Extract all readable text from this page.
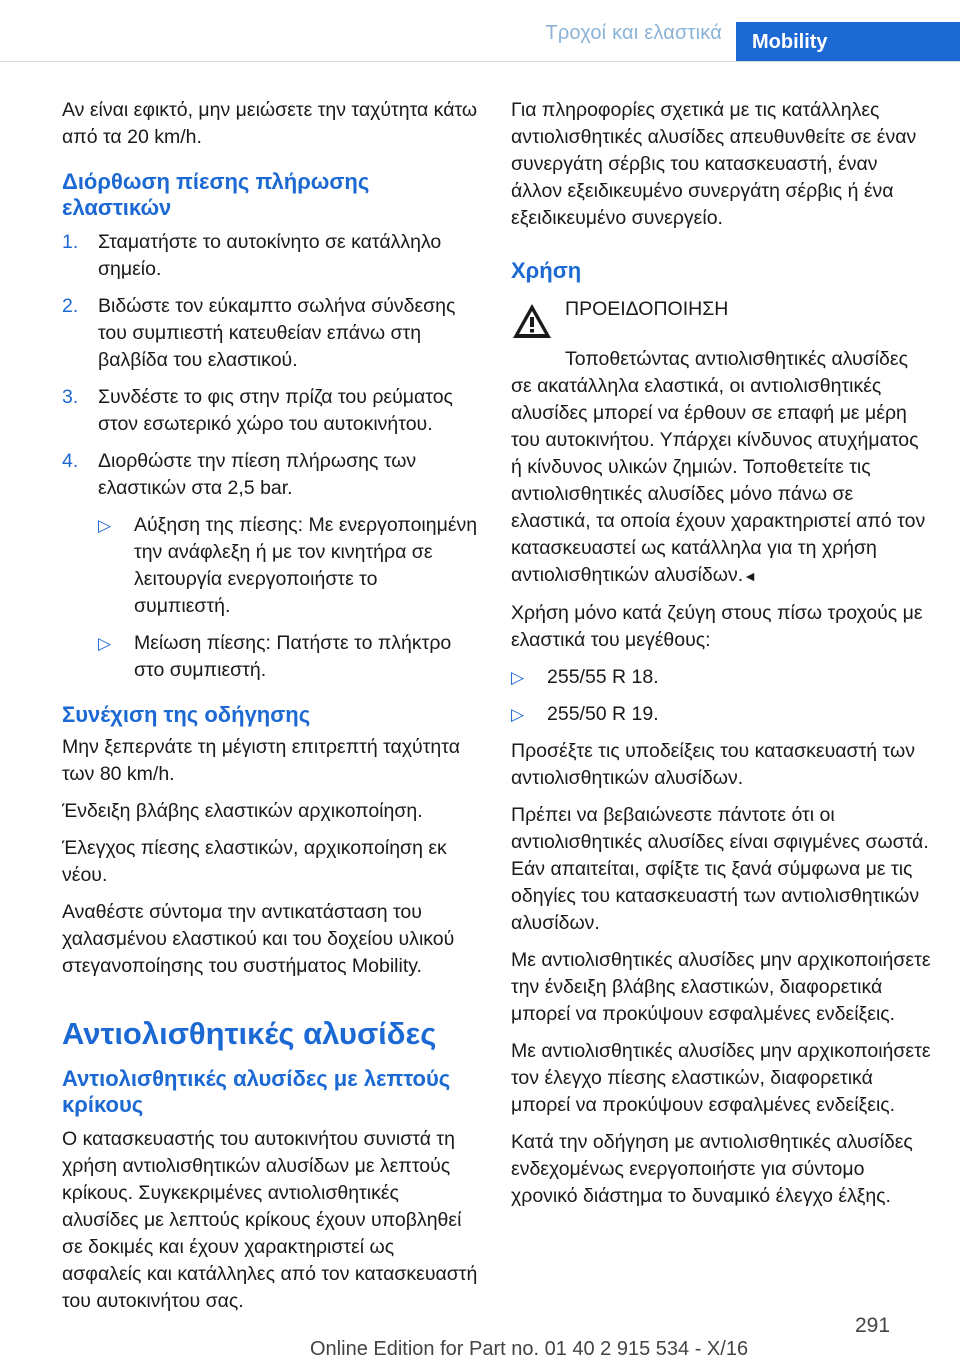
Τροχοί και ελαστικά	Mobility

Αν είναι εφικτό, μην μειώσετε την ταχύτητα κάτω από τα 20 km/h.

Διόρθωση πίεσης πλήρωσης ελαστικών
1. Σταματήστε το αυτοκίνητο σε κατάλληλο σημείο.
2. Βιδώστε τον εύκαμπτο σωλήνα σύνδεσης του συμπιεστή κατευθείαν επάνω στη βαλβίδα του ελαστικού.
3. Συνδέστε το φις στην πρίζα του ρεύματος στον εσωτερικό χώρο του αυτοκινήτου.
4. Διορθώστε την πίεση πλήρωσης των ελαστικών στα 2,5 bar.
▷ Αύξηση της πίεσης: Με ενεργοποιημένη την ανάφλεξη ή με τον κινητήρα σε λειτουργία ενεργοποιήστε το συμπιεστή.
▷ Μείωση πίεσης: Πατήστε το πλήκτρο στο συμπιεστή.
Συνέχιση της οδήγησης

Μην ξεπερνάτε τη μέγιστη επιτρεπτή ταχύτητα των 80 km/h.

Ένδειξη βλάβης ελαστικών αρχικοποίηση.

Έλεγχος πίεσης ελαστικών, αρχικοποίηση εκ νέου.

Αναθέστε σύντομα την αντικατάσταση του χαλασμένου ελαστικού και του δοχείου υλικού στεγανοποίησης του συστήματος Mobility.

Αντιολισθητικές αλυσίδες
Αντιολισθητικές αλυσίδες με λεπτούς κρίκους

Ο κατασκευαστής του αυτοκινήτου συνιστά τη χρήση αντιολισθητικών αλυσίδων με λεπτούς κρίκους. Συγκεκριμένες αντιολισθητικές αλυσίδες με λεπτούς κρίκους έχουν υποβληθεί σε δοκιμές και έχουν χαρακτηριστεί ως ασφαλείς και κατάλληλες από τον κατασκευαστή του αυτοκινήτου σας.

Για πληροφορίες σχετικά με τις κατάλληλες αντιολισθητικές αλυσίδες απευθυνθείτε σε έναν συνεργάτη σέρβις του κατασκευαστή, έναν άλλον εξειδικευμένο συνεργάτη σέρβις ή ένα εξειδικευμένο συνεργείο.

Χρήση
ΠΡΟΕΙΔΟΠΟΙΗΣΗ

Τοποθετώντας αντιολισθητικές αλυσίδες σε ακατάλληλα ελαστικά, οι αντιολισθητικές αλυσίδες μπορεί να έρθουν σε επαφή με μέρη του αυτοκινήτου. Υπάρχει κίνδυνος ατυχήματος ή κίνδυνος υλικών ζημιών. Τοποθετείτε τις αντιολισθητικές αλυσίδες μόνο πάνω σε ελαστικά, τα οποία έχουν χαρακτηριστεί από τον κατασκευαστεί ως κατάλληλα για τη χρήση αντιολισθητικών αλυσίδων.◄

Χρήση μόνο κατά ζεύγη στους πίσω τροχούς με ελαστικά του μεγέθους:

▷ 255/55 R 18.
▷ 255/50 R 19.

Προσέξτε τις υποδείξεις του κατασκευαστή των αντιολισθητικών αλυσίδων.

Πρέπει να βεβαιώνεστε πάντοτε ότι οι αντιολισθητικές αλυσίδες είναι σφιγμένες σωστά. Εάν απαιτείται, σφίξτε τις ξανά σύμφωνα με τις οδηγίες του κατασκευαστή των αντιολισθητικών αλυσίδων.

Με αντιολισθητικές αλυσίδες μην αρχικοποιήσετε την ένδειξη βλάβης ελαστικών, διαφορετικά μπορεί να προκύψουν εσφαλμένες ενδείξεις.

Με αντιολισθητικές αλυσίδες μην αρχικοποιήσετε τον έλεγχο πίεσης ελαστικών, διαφορετικά μπορεί να προκύψουν εσφαλμένες ενδείξεις.

Κατά την οδήγηση με αντιολισθητικές αλυσίδες ενδεχομένως ενεργοποιήστε για σύντομο χρονικό διάστημα το δυναμικό έλεγχο έλξης.

291
Online Edition for Part no. 01 40 2 915 534 - X/16
